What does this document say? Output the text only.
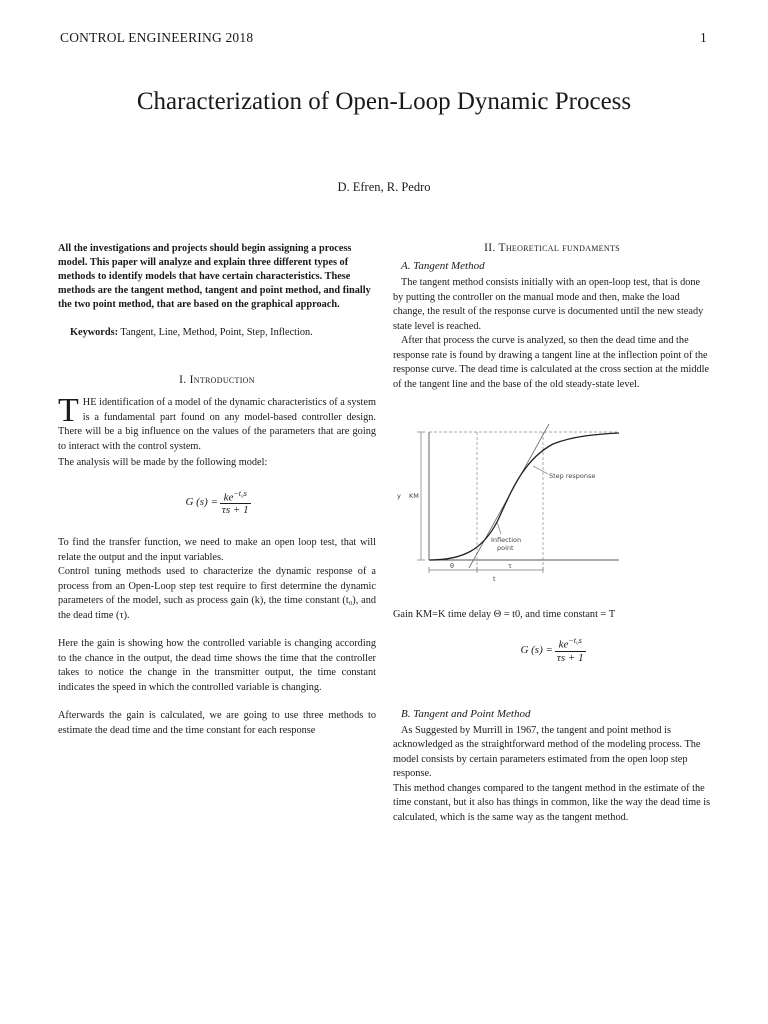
CONTROL ENGINEERING 2018	1
Characterization of Open-Loop Dynamic Process
D. Efren, R. Pedro
All the investigations and projects should begin assigning a process model. This paper will analyze and explain three different types of methods to identify models that have certain characteristics. These methods are the tangent method, tangent and point method, and finally the two point method, that are based on the graphical approach.
Keywords: Tangent, Line, Method, Point, Step, Inflection.
I. Introduction

THE identification of a model of the dynamic characteristics of a system is a fundamental part found on any model-based controller design. There will be a big influence on the values of the parameters that are going to interact with the control system.

The analysis will be made by the following model:

G (s) =	$ke^{-t_0s}$
τs + 1

To find the transfer function, we need to make an open loop test, that will relate the output and the input variables.

Control tuning methods used to characterize the dynamic response of a process from an Open-Loop step test require to first determine the dynamic parameters of the model, such as process gain (k), the time constant (t₀), and the dead time (τ).

Here the gain is showing how the controlled variable is changing according to the chance in the output, the dead time shows the time that the controller takes to notice the change in the transmitter output, the time constant indicates the speed in which the controlled variable is changing.

Afterwards the gain is calculated, we are going to use three methods to estimate the dead time and the time constant for each response

II. Theoretical fundaments
A. Tangent Method

The tangent method consists initially with an open-loop test, that is done by putting the controller on the manual mode and then, make the load change, the result of the response curve is documented until the new steady state level is reached.

After that process the curve is analyzed, so then the dead time and the response rate is found by drawing a tangent line at the inflection point of the response curve. The dead time is calculated at the cross section at the middle of the tangent line and the base of the old steady-state level.

y KM
Step response
Inflection
point
θ	τ
t
Gain KM=K time delay Θ = t0, and time constant = Ƭ
G (s) =	$ke^{-t_0s}$
τs + 1
B. Tangent and Point Method

As Suggested by Murrill in 1967, the tangent and point method is acknowledged as the straightforward method of the modeling process. The model consists by certain parameters estimated from the open loop step response.

This method changes compared to the tangent method in the estimate of the time constant, but it also has things in common, like the way the dead time is calculated, which is the same way as the tangent method.
